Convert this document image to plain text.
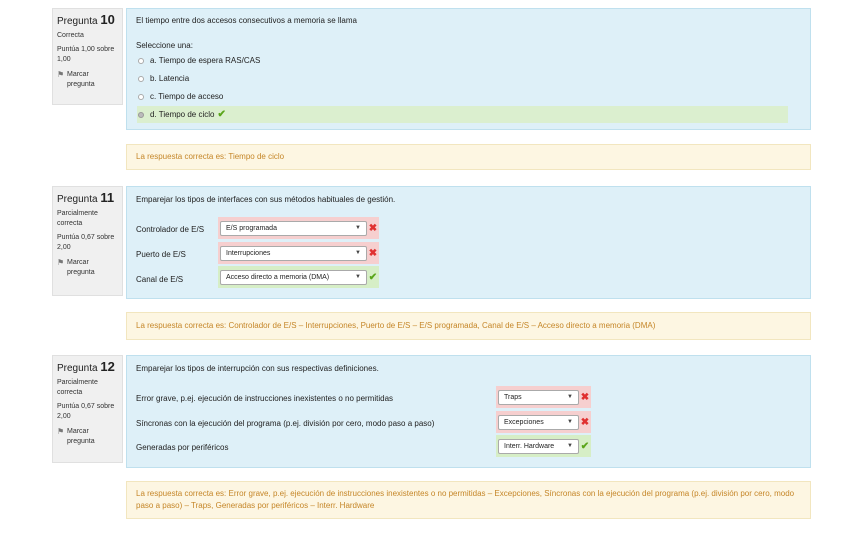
Pregunta 10
Correcta
Puntúa 1,00 sobre 1,00
⚑ Marcar pregunta
El tiempo entre dos accesos consecutivos a memoria se llama
Seleccione una:
a. Tiempo de espera RAS/CAS
b. Latencia
c. Tiempo de acceso
d. Tiempo de ciclo ✔
La respuesta correcta es: Tiempo de ciclo
Pregunta 11
Parcialmente correcta
Puntúa 0,67 sobre 2,00
⚑ Marcar pregunta
Emparejar los tipos de interfaces con sus métodos habituales de gestión.
Controlador de E/S	E/S programada	▼ ✖
Puerto de E/S	Interrupciones	▼ ✖
Canal de E/S	Acceso directo a memoria (DMA)	▼ ✔
La respuesta correcta es: Controlador de E/S – Interrupciones, Puerto de E/S – E/S programada, Canal de E/S – Acceso directo a memoria (DMA)
Pregunta 12
Parcialmente correcta
Puntúa 0,67 sobre 2,00
⚑ Marcar pregunta
Emparejar los tipos de interrupción con sus respectivas definiciones.
Error grave, p.ej. ejecución de instrucciones inexistentes o no permitidas	Traps	▼ ✖
Síncronas con la ejecución del programa (p.ej. división por cero, modo paso a paso)	Excepciones	▼ ✖
Generadas por periféricos	Interr. Hardware ▼ ✔
La respuesta correcta es: Error grave, p.ej. ejecución de instrucciones inexistentes o no permitidas – Excepciones, Síncronas con la ejecución del programa (p.ej. división por cero, modo paso a paso) – Traps, Generadas por periféricos – Interr. Hardware
